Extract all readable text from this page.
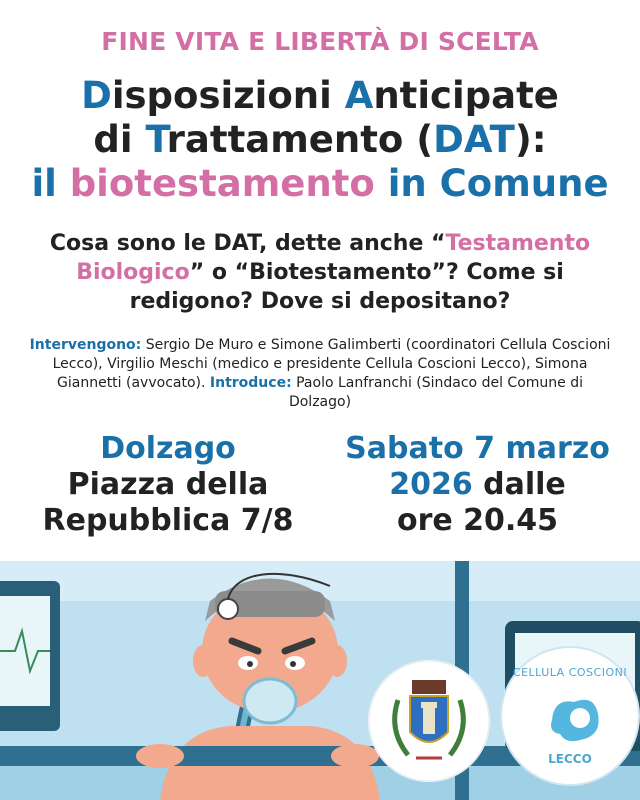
FINE VITA E LIBERTÀ DI SCELTA
Disposizioni Anticipate
di Trattamento (DAT):
il biotestamento in Comune
Cosa sono le DAT, dette anche “Testamento Biologico” o “Biotestamento”? Come si redigono? Dove si depositano?
Intervengono: Sergio De Muro e Simone Galimberti (coordinatori Cellula Coscioni Lecco), Virgilio Meschi (medico e presidente Cellula Coscioni Lecco), Simona Giannetti (avvocato). Introduce: Paolo Lanfranchi (Sindaco del Comune di Dolzago)
Dolzago
Piazza della
Repubblica 7/8
Sabato 7 marzo
2026 dalle
ore 20.45
CELLULA COSCIONI
LECCO
